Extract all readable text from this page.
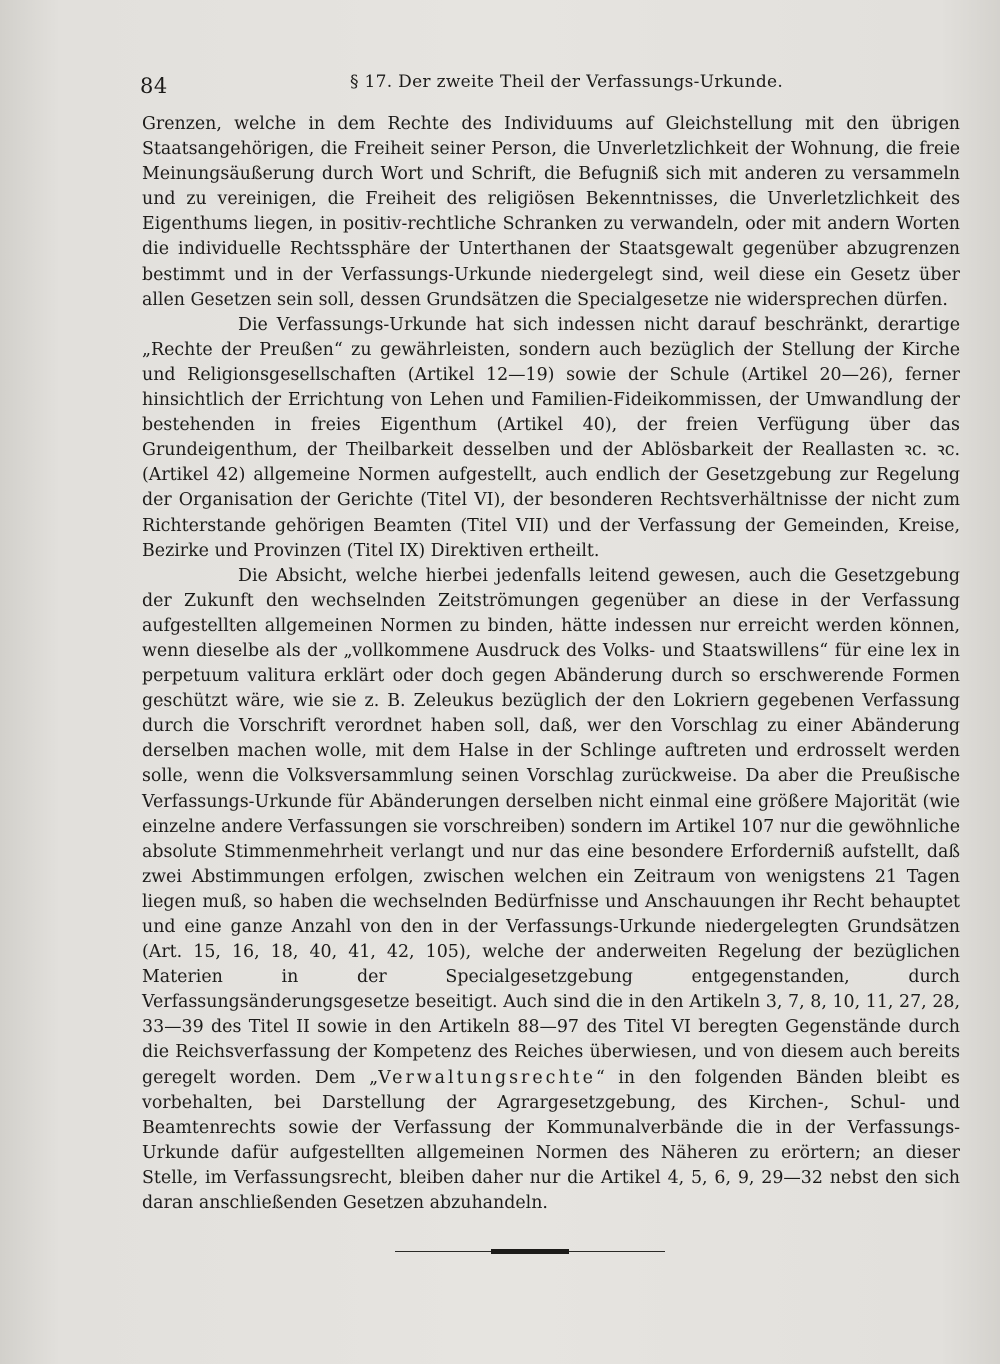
84	§ 17. Der zweite Theil der Verfassungs-Urkunde.

Grenzen, welche in dem Rechte des Individuums auf Gleichstellung mit den übrigen Staatsangehörigen, die Freiheit seiner Person, die Unverletzlichkeit der Wohnung, die freie Meinungsäußerung durch Wort und Schrift, die Befugniß sich mit anderen zu versammeln und zu vereinigen, die Freiheit des religiösen Bekenntnisses, die Unverletzlichkeit des Eigenthums liegen, in positiv-rechtliche Schranken zu verwandeln, oder mit andern Worten die individuelle Rechtssphäre der Unterthanen der Staatsgewalt gegenüber abzugrenzen bestimmt und in der Verfassungs-Urkunde niedergelegt sind, weil diese ein Gesetz über allen Gesetzen sein soll, dessen Grundsätzen die Specialgesetze nie widersprechen dürfen.

Die Verfassungs-Urkunde hat sich indessen nicht darauf beschränkt, derartige „Rechte der Preußen“ zu gewährleisten, sondern auch bezüglich der Stellung der Kirche und Religionsgesellschaften (Artikel 12—19) sowie der Schule (Artikel 20—26), ferner hinsichtlich der Errichtung von Lehen und Familien-Fideikommissen, der Umwandlung der bestehenden in freies Eigenthum (Artikel 40), der freien Verfügung über das Grundeigenthum, der Theilbarkeit desselben und der Ablösbarkeit der Reallasten ꝛc. ꝛc. (Artikel 42) allgemeine Normen aufgestellt, auch endlich der Gesetzgebung zur Regelung der Organisation der Gerichte (Titel VI), der besonderen Rechtsverhältnisse der nicht zum Richterstande gehörigen Beamten (Titel VII) und der Verfassung der Gemeinden, Kreise, Bezirke und Provinzen (Titel IX) Direktiven ertheilt.

Die Absicht, welche hierbei jedenfalls leitend gewesen, auch die Gesetzgebung der Zukunft den wechselnden Zeitströmungen gegenüber an diese in der Verfassung aufgestellten allgemeinen Normen zu binden, hätte indessen nur erreicht werden können, wenn dieselbe als der „vollkommene Ausdruck des Volks- und Staatswillens“ für eine lex in perpetuum valitura erklärt oder doch gegen Abänderung durch so erschwerende Formen geschützt wäre, wie sie z. B. Zeleukus bezüglich der den Lokriern gegebenen Verfassung durch die Vorschrift verordnet haben soll, daß, wer den Vorschlag zu einer Abänderung derselben machen wolle, mit dem Halse in der Schlinge auftreten und erdrosselt werden solle, wenn die Volksversammlung seinen Vorschlag zurückweise. Da aber die Preußische Verfassungs-Urkunde für Abänderungen derselben nicht einmal eine größere Majorität (wie einzelne andere Verfassungen sie vorschreiben) sondern im Artikel 107 nur die gewöhnliche absolute Stimmenmehrheit verlangt und nur das eine besondere Erforderniß aufstellt, daß zwei Abstimmungen erfolgen, zwischen welchen ein Zeitraum von wenigstens 21 Tagen liegen muß, so haben die wechselnden Bedürfnisse und Anschauungen ihr Recht behauptet und eine ganze Anzahl von den in der Verfassungs-Urkunde niedergelegten Grundsätzen (Art. 15, 16, 18, 40, 41, 42, 105), welche der anderweiten Regelung der bezüglichen Materien in der Specialgesetzgebung entgegenstanden, durch Verfassungsänderungsgesetze beseitigt. Auch sind die in den Artikeln 3, 7, 8, 10, 11, 27, 28, 33—39 des Titel II sowie in den Artikeln 88—97 des Titel VI beregten Gegenstände durch die Reichsverfassung der Kompetenz des Reiches überwiesen, und von diesem auch bereits geregelt worden. Dem „Verwaltungsrechte“ in den folgenden Bänden bleibt es vorbehalten, bei Darstellung der Agrargesetzgebung, des Kirchen-, Schul- und Beamtenrechts sowie der Verfassung der Kommunalverbände die in der Verfassungs-Urkunde dafür aufgestellten allgemeinen Normen des Näheren zu erörtern; an dieser Stelle, im Verfassungsrecht, bleiben daher nur die Artikel 4, 5, 6, 9, 29—32 nebst den sich daran anschließenden Gesetzen abzuhandeln.
